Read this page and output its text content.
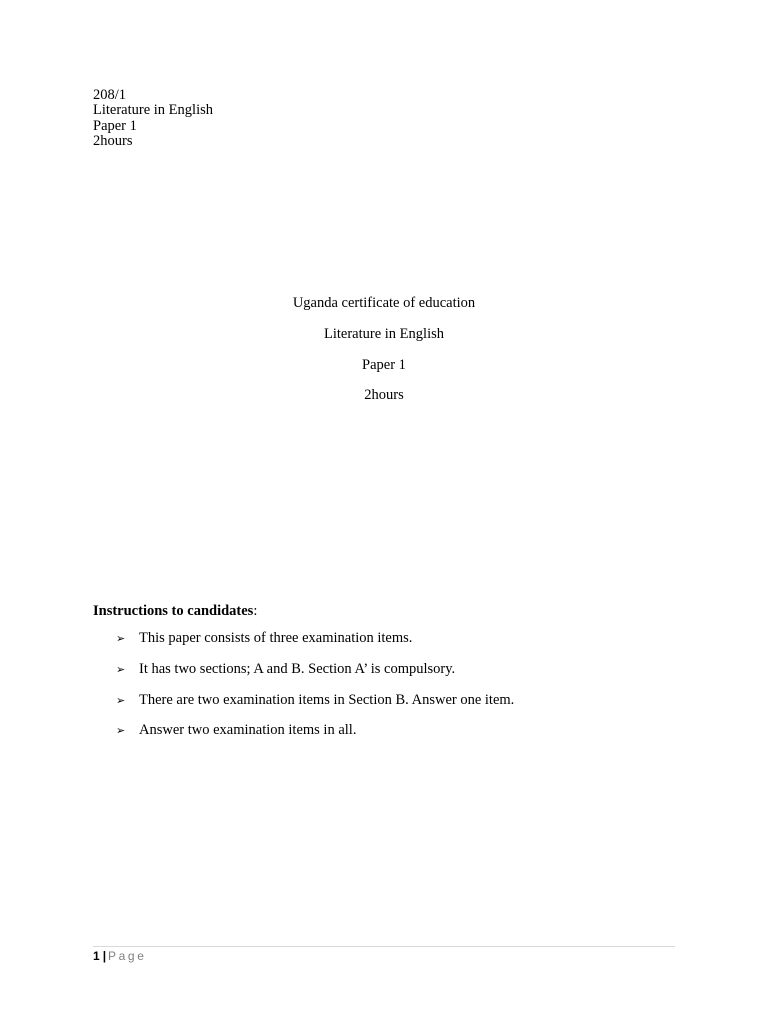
208/1
Literature in English
Paper 1
2hours
Uganda certificate of education
Literature in English
Paper 1
2hours
Instructions to candidates:
➢ This paper consists of three examination items.
➢ It has two sections; A and B. Section A’ is compulsory.
➢ There are two examination items in Section B. Answer one item.
➢ Answer two examination items in all.
1 | Page
